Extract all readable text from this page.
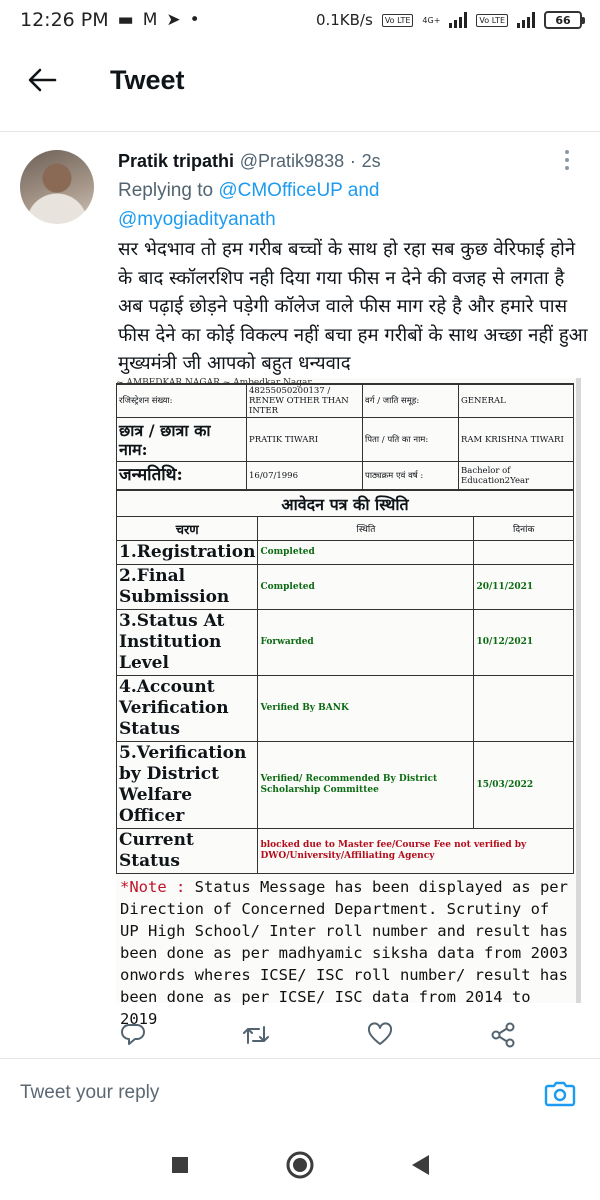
12:26 PM ▬ M ➤ •	0.1KB/s	Vo LTE	4G+	Vo LTE	66
Tweet
Pratik tripathi @Pratik9838 · 2s
Replying to @CMOfficeUP and
@myogiadityanath
सर भेदभाव तो हम गरीब बच्चों के साथ हो रहा सब कुछ वेरिफाई होने के बाद स्कॉलरशिप नही दिया गया फीस न देने की वजह से लगता है अब पढ़ाई छोड़ने पड़ेगी कॉलेज वाले फीस माग रहे है और हमारे पास फीस देने का कोई विकल्प नहीं बचा हम गरीबों के साथ अच्छा नहीं हुआ मुख्यमंत्री जी आपको बहुत धन्यवाद
~ AMBEDKAR NAGAR ~ Ambedkar Nagar
रजिस्ट्रेशन संख्या:	48255050200137 / RENEW OTHER THAN INTER	वर्ग / जाति समूह:	GENERAL
छात्र / छात्रा का नाम:	PRATIK TIWARI	पिता / पति का नाम:	RAM KRISHNA TIWARI
जन्मतिथि:	16/07/1996	पाठ्यक्रम एवं वर्ष :	Bachelor of Education2Year
आवेदन पत्र की स्थिति		
चरण	स्थिति	दिनांक
1.Registration	Completed	
2.Final Submission	Completed	20/11/2021
3.Status At Institution Level	Forwarded	10/12/2021
4.Account Verification Status	Verified By BANK	
5.Verification by District Welfare Officer	Verified/ Recommended By District Scholarship Committee	15/03/2022
Current Status	blocked due to Master fee/Course Fee not verified by DWO/University/Affiliating Agency	
*Note : Status Message has been displayed as per Direction of Concerned Department. Scrutiny of UP High School/ Inter roll number and result has been done as per madhyamic siksha data from 2003 onwords wheres ICSE/ ISC roll number/ result has been done as per ICSE/ ISC data from 2014 to 2019
Tweet your reply
